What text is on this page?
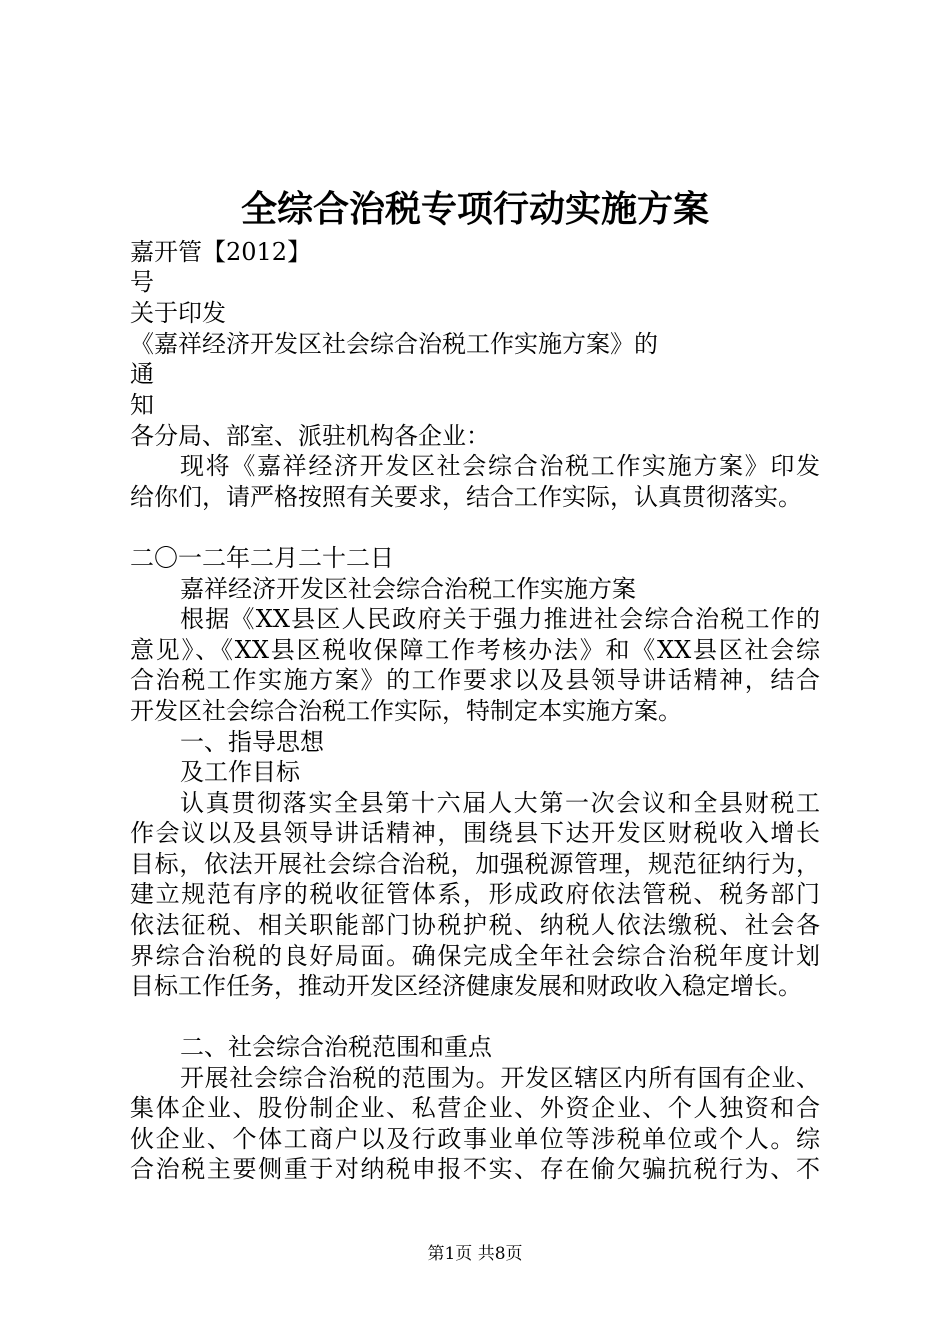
全综合治税专项行动实施方案
嘉开管【2012】
号
关于印发
《嘉祥经济开发区社会综合治税工作实施方案》的
通
知
各分局、部室、派驻机构各企业：
现将《嘉祥经济开发区社会综合治税工作实施方案》印发
给你们，请严格按照有关要求，结合工作实际，认真贯彻落实。
二〇一二年二月二十二日
嘉祥经济开发区社会综合治税工作实施方案
根据《XX县区人民政府关于强力推进社会综合治税工作的
意见》、《XX县区税收保障工作考核办法》和《XX县区社会综
合治税工作实施方案》的工作要求以及县领导讲话精神，结合
开发区社会综合治税工作实际，特制定本实施方案。
一、指导思想
及工作目标
认真贯彻落实全县第十六届人大第一次会议和全县财税工
作会议以及县领导讲话精神，围绕县下达开发区财税收入增长
目标，依法开展社会综合治税，加强税源管理，规范征纳行为，
建立规范有序的税收征管体系，形成政府依法管税、税务部门
依法征税、相关职能部门协税护税、纳税人依法缴税、社会各
界综合治税的良好局面。确保完成全年社会综合治税年度计划
目标工作任务，推动开发区经济健康发展和财政收入稳定增长。
二、社会综合治税范围和重点
开展社会综合治税的范围为。开发区辖区内所有国有企业、
集体企业、股份制企业、私营企业、外资企业、个人独资和合
伙企业、个体工商户以及行政事业单位等涉税单位或个人。综
合治税主要侧重于对纳税申报不实、存在偷欠骗抗税行为、不
第1页 共8页
